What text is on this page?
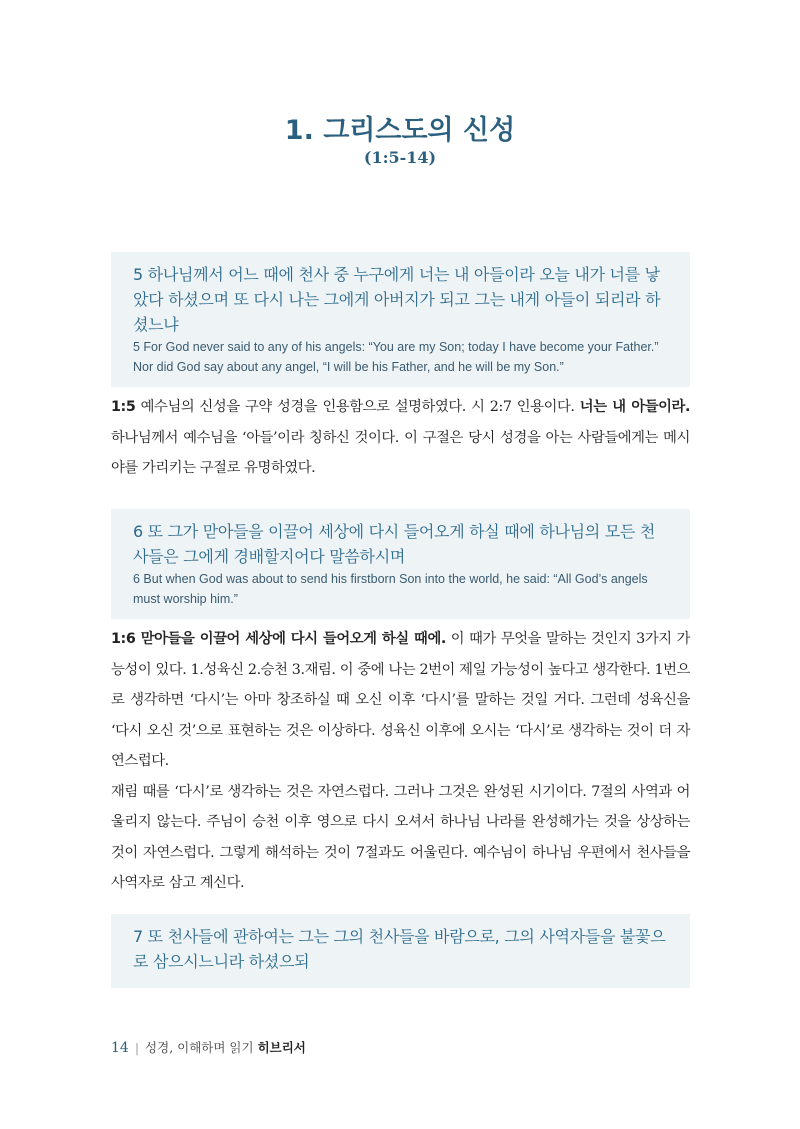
1. 그리스도의 신성
(1:5-14)
5 하나님께서 어느 때에 천사 중 누구에게 너는 내 아들이라 오늘 내가 너를 낳았다 하셨으며 또 다시 나는 그에게 아버지가 되고 그는 내게 아들이 되리라 하셨느냐
5 For God never said to any of his angels: “You are my Son; today I have become your Father.” Nor did God say about any angel, “I will be his Father, and he will be my Son.”

1:5 예수님의 신성을 구약 성경을 인용함으로 설명하였다. 시 2:7 인용이다. 너는 내 아들이라. 하나님께서 예수님을 ‘아들’이라 칭하신 것이다. 이 구절은 당시 성경을 아는 사람들에게는 메시야를 가리키는 구절로 유명하였다.

6 또 그가 맏아들을 이끌어 세상에 다시 들어오게 하실 때에 하나님의 모든 천사들은 그에게 경배할지어다 말씀하시며
6 But when God was about to send his firstborn Son into the world, he said: “All God’s angels must worship him.”

1:6 맏아들을 이끌어 세상에 다시 들어오게 하실 때에. 이 때가 무엇을 말하는 것인지 3가지 가능성이 있다. 1.성육신 2.승천 3.재림. 이 중에 나는 2번이 제일 가능성이 높다고 생각한다. 1번으로 생각하면 ‘다시’는 아마 창조하실 때 오신 이후 ‘다시’를 말하는 것일 거다. 그런데 성육신을 ‘다시 오신 것’으로 표현하는 것은 이상하다. 성육신 이후에 오시는 ‘다시’로 생각하는 것이 더 자연스럽다.

재림 때를 ‘다시’로 생각하는 것은 자연스럽다. 그러나 그것은 완성된 시기이다. 7절의 사역과 어울리지 않는다. 주님이 승천 이후 영으로 다시 오셔서 하나님 나라를 완성해가는 것을 상상하는 것이 자연스럽다. 그렇게 해석하는 것이 7절과도 어울린다. 예수님이 하나님 우편에서 천사들을 사역자로 삼고 계신다.

7 또 천사들에 관하여는 그는 그의 천사들을 바람으로, 그의 사역자들을 불꽃으로 삼으시느니라 하셨으되
14 | 성경, 이해하며 읽기 히브리서
